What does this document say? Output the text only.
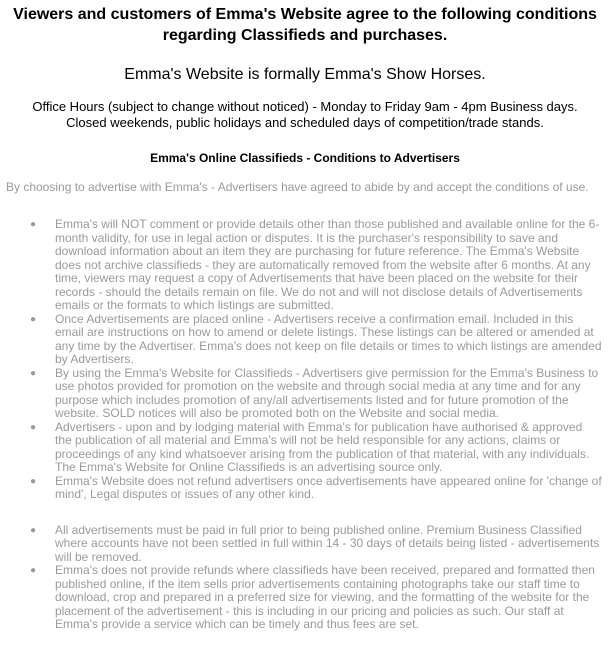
Viewers and customers of Emma's Website agree to the following conditions regarding Classifieds and purchases.

Emma's Website is formally Emma's Show Horses.

Office Hours (subject to change without noticed) - Monday to Friday 9am - 4pm Business days.
Closed weekends, public holidays and scheduled days of competition/trade stands.

Emma's Online Classifieds - Conditions to Advertisers

By choosing to advertise with Emma's - Advertisers have agreed to abide by and accept the conditions of use.

● Emma's will NOT comment or provide details other than those published and available online for the 6-month validity, for use in legal action or disputes. It is the purchaser's responsibility to save and download information about an item they are purchasing for future reference. The Emma's Website does not archive classifieds - they are automatically removed from the website after 6 months. At any time, viewers may request a copy of Advertisements that have been placed on the website for their records - should the details remain on file. We do not and will not disclose details of Advertisements emails or the formats to which listings are submitted.
● Once Advertisements are placed online - Advertisers receive a confirmation email. Included in this email are instructions on how to amend or delete listings. These listings can be altered or amended at any time by the Advertiser. Emma's does not keep on file details or times to which listings are amended by Advertisers.
● By using the Emma's Website for Classifieds - Advertisers give permission for the Emma's Business to use photos provided for promotion on the website and through social media at any time and for any purpose which includes promotion of any/all advertisements listed and for future promotion of the website. SOLD notices will also be promoted both on the Website and social media.
● Advertisers - upon and by lodging material with Emma's for publication have authorised & approved the publication of all material and Emma's will not be held responsible for any actions, claims or proceedings of any kind whatsoever arising from the publication of that material, with any individuals. The Emma's Website for Online Classifieds is an advertising source only.
● Emma's Website does not refund advertisers once advertisements have appeared online for 'change of mind', Legal disputes or issues of any other kind.
● All advertisements must be paid in full prior to being published online. Premium Business Classified where accounts have not been settled in full within 14 - 30 days of details being listed - advertisements will be removed.
● Emma's does not provide refunds where classifieds have been received, prepared and formatted then published online, if the item sells prior advertisements containing photographs take our staff time to download, crop and prepared in a preferred size for viewing, and the formatting of the website for the placement of the advertisement - this is including in our pricing and policies as such. Our staff at Emma's provide a service which can be timely and thus fees are set.
